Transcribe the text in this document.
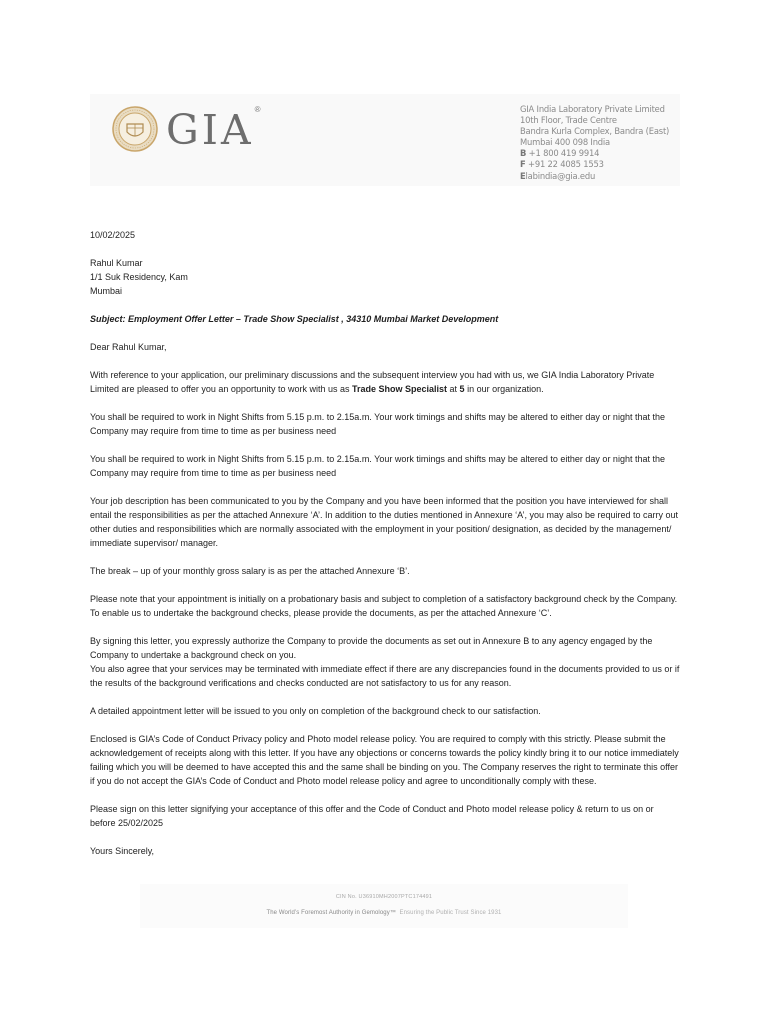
GIA ®	GIA India Laboratory Private Limited
10th Floor, Trade Centre
Bandra Kurla Complex, Bandra (East)
Mumbai 400 098 India
B +1 800 419 9914
F +91 22 4085 1553
Elabindia@gia.edu

10/02/2025

Rahul Kumar

1/1 Suk Residency, Kam

Mumbai

Subject: Employment Offer Letter – Trade Show Specialist , 34310 Mumbai Market Development

Dear Rahul Kumar,

With reference to your application, our preliminary discussions and the subsequent interview you had with us, we GIA India Laboratory Private Limited are pleased to offer you an opportunity to work with us as Trade Show Specialist at 5 in our organization.

You shall be required to work in Night Shifts from 5.15 p.m. to 2.15a.m. Your work timings and shifts may be altered to either day or night that the Company may require from time to time as per business need

You shall be required to work in Night Shifts from 5.15 p.m. to 2.15a.m. Your work timings and shifts may be altered to either day or night that the Company may require from time to time as per business need

Your job description has been communicated to you by the Company and you have been informed that the position you have interviewed for shall entail the responsibilities as per the attached Annexure ‘A’. In addition to the duties mentioned in Annexure ‘A’, you may also be required to carry out other duties and responsibilities which are normally associated with the employment in your position/ designation, as decided by the management/ immediate supervisor/ manager.

The break – up of your monthly gross salary is as per the attached Annexure ‘B’.

Please note that your appointment is initially on a probationary basis and subject to completion of a satisfactory background check by the Company. To enable us to undertake the background checks, please provide the documents, as per the attached Annexure ‘C’.

By signing this letter, you expressly authorize the Company to provide the documents as set out in Annexure B to any agency engaged by the Company to undertake a background check on you.

You also agree that your services may be terminated with immediate effect if there are any discrepancies found in the documents provided to us or if the results of the background verifications and checks conducted are not satisfactory to us for any reason.

A detailed appointment letter will be issued to you only on completion of the background check to our satisfaction.

Enclosed is GIA’s Code of Conduct Privacy policy and Photo model release policy. You are required to comply with this strictly. Please submit the acknowledgement of receipts along with this letter. If you have any objections or concerns towards the policy kindly bring it to our notice immediately failing which you will be deemed to have accepted this and the same shall be binding on you. The Company reserves the right to terminate this offer if you do not accept the GIA’s Code of Conduct and Photo model release policy and agree to unconditionally comply with these.

Please sign on this letter signifying your acceptance of this offer and the Code of Conduct and Photo model release policy & return to us on or before 25/02/2025

Yours Sincerely,

CIN No. U36910MH2007PTC174491
The World’s Foremost Authority in Gemology™ Ensuring the Public Trust Since 1931
